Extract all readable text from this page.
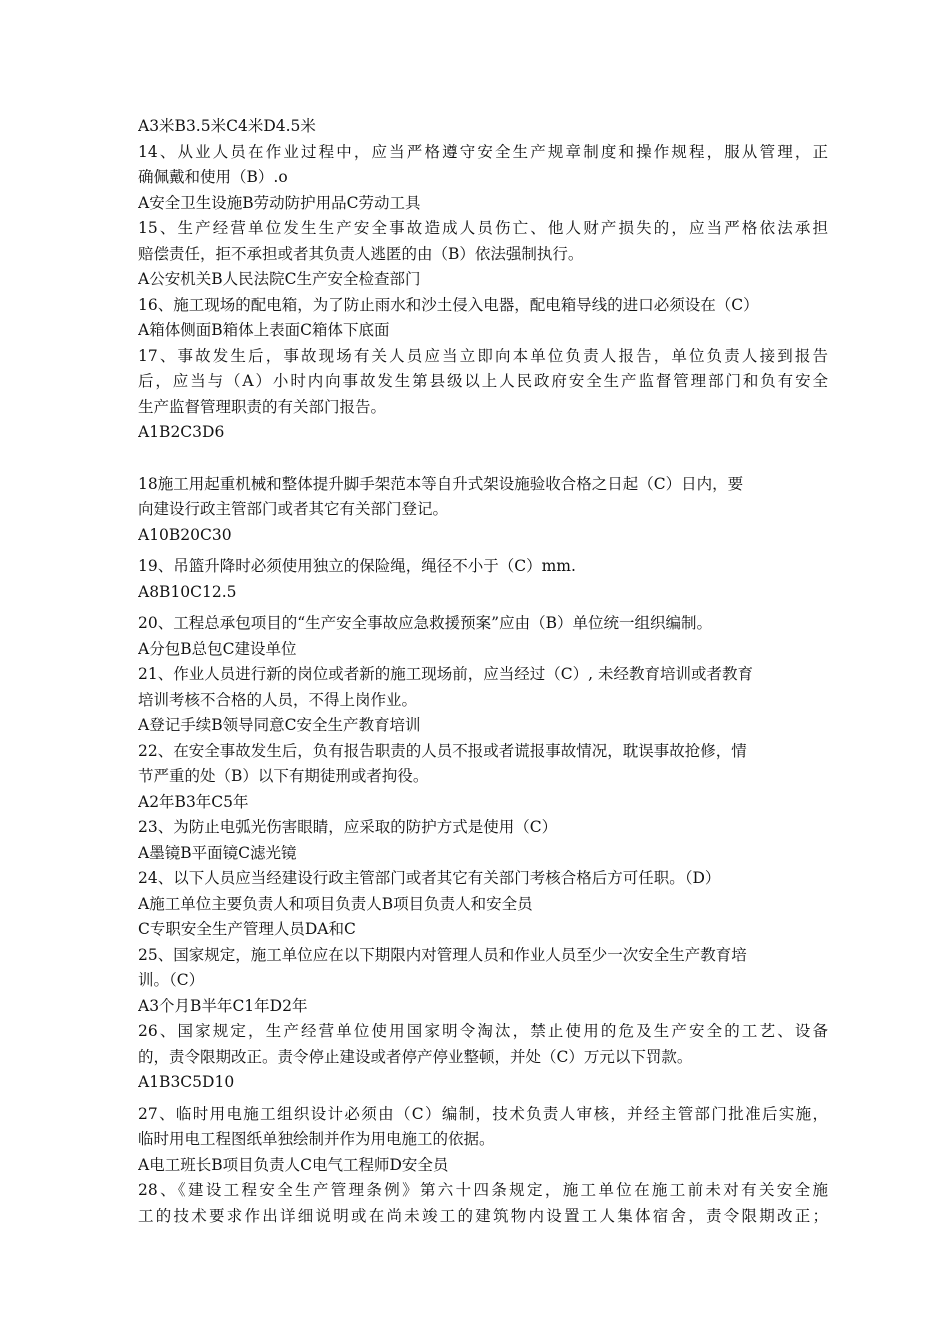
A3米B3.5米C4米D4.5米
14、从业人员在作业过程中，应当严格遵守安全生产规章制度和操作规程，服从管理，正
确佩戴和使用（B）.o
A安全卫生设施B劳动防护用品C劳动工具
15、生产经营单位发生生产安全事故造成人员伤亡、他人财产损失的，应当严格依法承担
赔偿责任，拒不承担或者其负责人逃匿的由（B）依法强制执行。
A公安机关B人民法院C生产安全检查部门
16、施工现场的配电箱，为了防止雨水和沙土侵入电器，配电箱导线的进口必须设在（C）
A箱体侧面B箱体上表面C箱体下底面
17、事故发生后，事故现场有关人员应当立即向本单位负责人报告，单位负责人接到报告
后，应当与（A）小时内向事故发生第县级以上人民政府安全生产监督管理部门和负有安全
生产监督管理职责的有关部门报告。
A1B2C3D6
18施工用起重机械和整体提升脚手架范本等自升式架设施验收合格之日起（C）日内，要
向建设行政主管部门或者其它有关部门登记。
A10B20C30
19、吊篮升降时必须使用独立的保险绳，绳径不小于（C）mm.
A8B10C12.5
20、工程总承包项目的“生产安全事故应急救援预案”应由（B）单位统一组织编制。
A分包B总包C建设单位
21、作业人员进行新的岗位或者新的施工现场前，应当经过（C）, 未经教育培训或者教育
培训考核不合格的人员，不得上岗作业。
A登记手续B领导同意C安全生产教育培训
22、在安全事故发生后，负有报告职责的人员不报或者谎报事故情况，耽误事故抢修，情
节严重的处（B）以下有期徒刑或者拘役。
A2年B3年C5年
23、为防止电弧光伤害眼睛，应采取的防护方式是使用（C）
A墨镜B平面镜C滤光镜
24、以下人员应当经建设行政主管部门或者其它有关部门考核合格后方可任职。（D）
A施工单位主要负责人和项目负责人B项目负责人和安全员
C专职安全生产管理人员DA和C
25、国家规定，施工单位应在以下期限内对管理人员和作业人员至少一次安全生产教育培
训。（C）
A3个月B半年C1年D2年
26、国家规定，生产经营单位使用国家明令淘汰，禁止使用的危及生产安全的工艺、设备
的，责令限期改正。责令停止建设或者停产停业整顿，并处（C）万元以下罚款。
A1B3C5D10
27、临时用电施工组织设计必须由（C）编制，技术负责人审核，并经主管部门批准后实施，
临时用电工程图纸单独绘制并作为用电施工的依据。
A电工班长B项目负责人C电气工程师D安全员
28、《建设工程安全生产管理条例》第六十四条规定，施工单位在施工前未对有关安全施
工的技术要求作出详细说明或在尚未竣工的建筑物内设置工人集体宿舍，责令限期改正；
